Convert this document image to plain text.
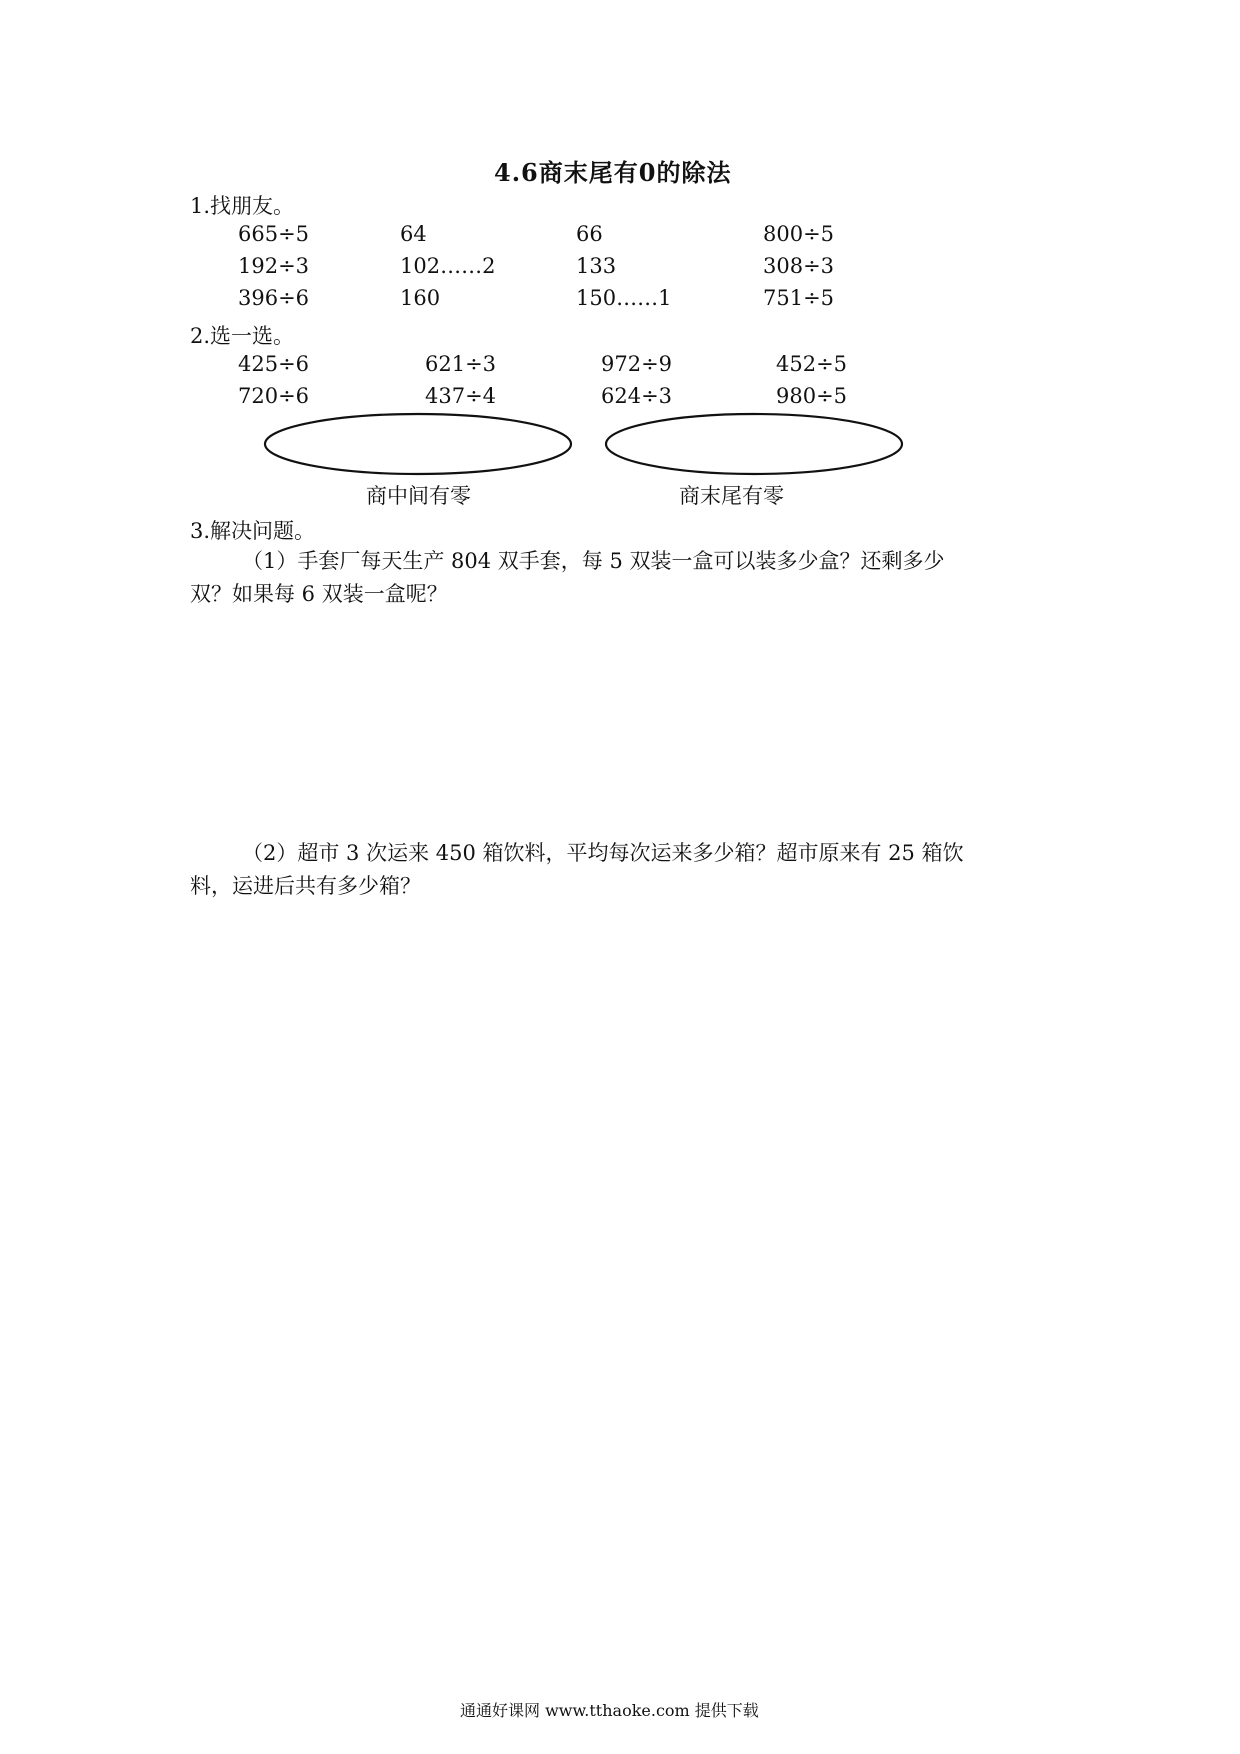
4.6商末尾有0的除法
1.找朋友。
665÷5	64	66	800÷5
192÷3	102……2	133	308÷3
396÷6	160	150……1	751÷5
2.选一选。
425÷6	621÷3	972÷9	452÷5
720÷6	437÷4	624÷3	980÷5
商中间有零	商末尾有零
3.解决问题。
（1）手套厂每天生产 804 双手套，每 5 双装一盒可以装多少盒？还剩多少
双？如果每 6 双装一盒呢？
（2）超市 3 次运来 450 箱饮料，平均每次运来多少箱？超市原来有 25 箱饮
料，运进后共有多少箱？
通通好课网 www.tthaoke.com 提供下载
